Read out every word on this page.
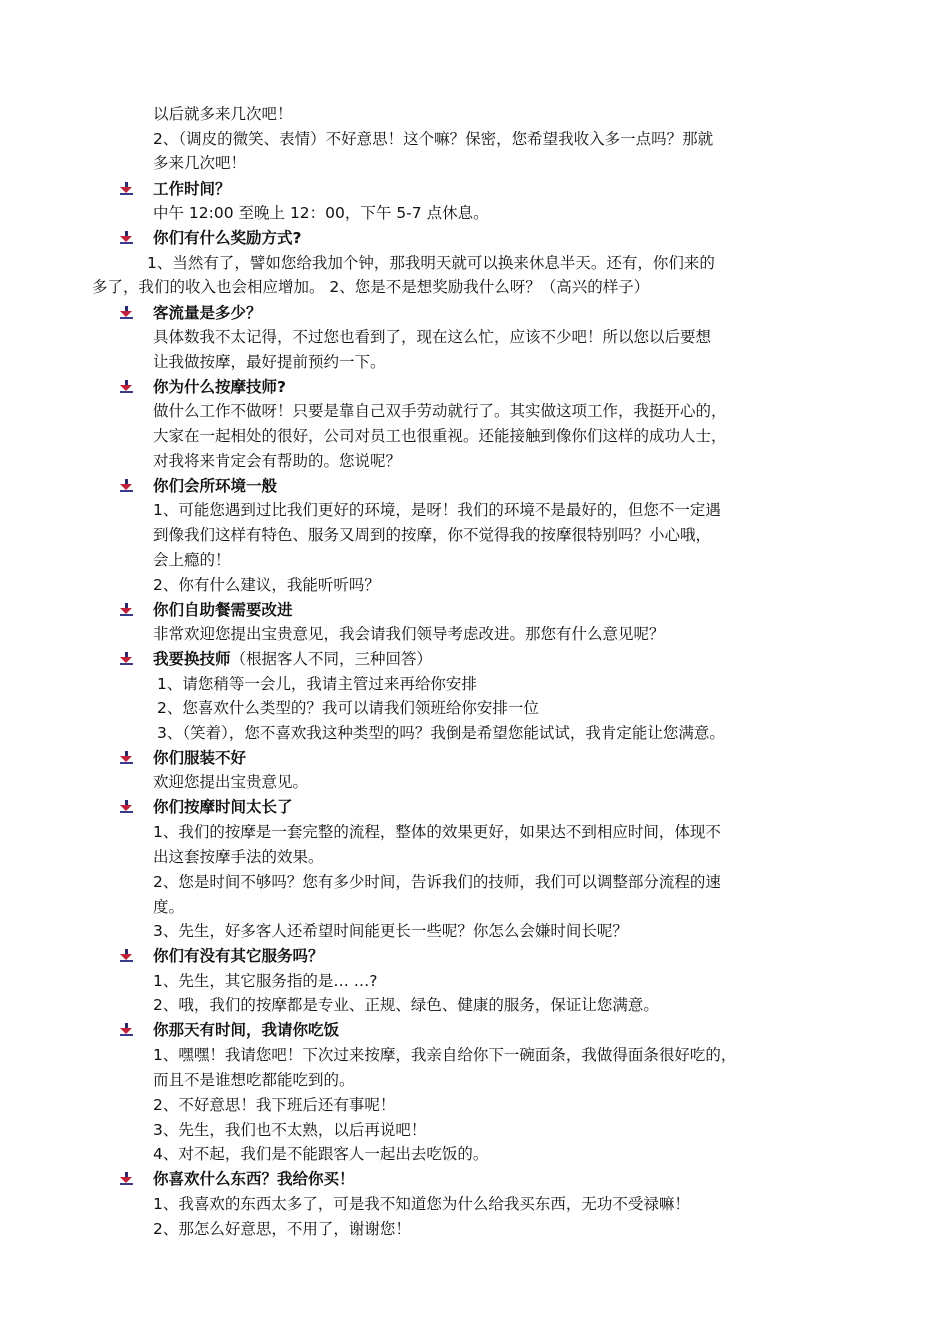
以后就多来几次吧！
2、（调皮的微笑、表情）不好意思！这个嘛？保密，您希望我收入多一点吗？那就
多来几次吧！
工作时间？
中午 12:00 至晚上 12：00，下午 5-7 点休息。
你们有什么奖励方式?
1、当然有了，譬如您给我加个钟，那我明天就可以换来休息半天。还有，你们来的
多了，我们的收入也会相应增加。 2、您是不是想奖励我什么呀？（高兴的样子）
客流量是多少？
具体数我不太记得，不过您也看到了，现在这么忙，应该不少吧！所以您以后要想
让我做按摩，最好提前预约一下。
你为什么按摩技师?
做什么工作不做呀！只要是靠自己双手劳动就行了。其实做这项工作，我挺开心的，
大家在一起相处的很好，公司对员工也很重视。还能接触到像你们这样的成功人士，
对我将来肯定会有帮助的。您说呢？
你们会所环境一般
1、可能您遇到过比我们更好的环境，是呀！我们的环境不是最好的，但您不一定遇
到像我们这样有特色、服务又周到的按摩，你不觉得我的按摩很特别吗？小心哦，
会上瘾的！
2、你有什么建议，我能听听吗？
你们自助餐需要改进
非常欢迎您提出宝贵意见，我会请我们领导考虑改进。那您有什么意见呢？
我要换技师（根据客人不同，三种回答）
1、请您稍等一会儿，我请主管过来再给你安排
2、您喜欢什么类型的？我可以请我们领班给你安排一位
3、（笑着），您不喜欢我这种类型的吗？我倒是希望您能试试，我肯定能让您满意。
你们服装不好
欢迎您提出宝贵意见。
你们按摩时间太长了
1、我们的按摩是一套完整的流程，整体的效果更好，如果达不到相应时间，体现不
出这套按摩手法的效果。
2、您是时间不够吗？您有多少时间，告诉我们的技师，我们可以调整部分流程的速
度。
3、先生，好多客人还希望时间能更长一些呢？你怎么会嫌时间长呢？
你们有没有其它服务吗？
1、先生，其它服务指的是… …?
2、哦，我们的按摩都是专业、正规、绿色、健康的服务，保证让您满意。
你那天有时间，我请你吃饭
1、嘿嘿！我请您吧！下次过来按摩，我亲自给你下一碗面条，我做得面条很好吃的，
而且不是谁想吃都能吃到的。
2、不好意思！我下班后还有事呢！
3、先生，我们也不太熟，以后再说吧！
4、对不起，我们是不能跟客人一起出去吃饭的。
你喜欢什么东西？我给你买！
1、我喜欢的东西太多了，可是我不知道您为什么给我买东西，无功不受禄嘛！
2、那怎么好意思，不用了，谢谢您！
